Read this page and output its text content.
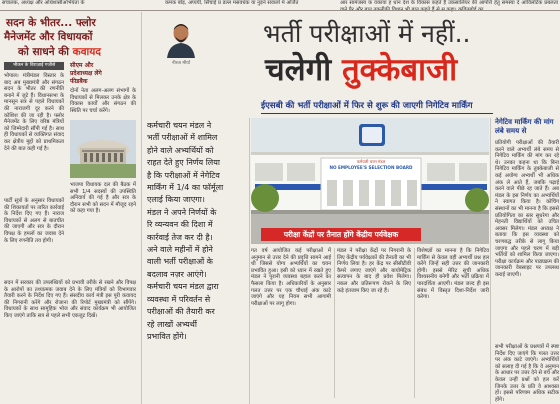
सचालक, अध्यक्ष और अधिशासीअभियंता के	कमक बोड़, अप्ययी, सिंचाई प्र डल्ल मसवर्धक या नुड़ने सवालो में अर्जित	आर सामंजस्य क वकाया ह धान देश के विकास कहते हैं उकसालियर की आपत्ति हेतु समस्या दे आंविलटिक प्रबलता
सदन के भीतर... फ्लोर
मैनेजमेंट और विधायकों
को साधने की कवायद
भीकन के विराज़ाई गजीसे
भोपाल। मंत्रीमंडल विस्तार के बाद अब मुख्यमंत्री और संगठन सदन के भीतर की रणनीति बनाने में जुटे हैं। विधानसभा के मानसून सत्र से पहले विधायकों की नाराजगी दूर करने की कोशिश की जा रही है। फ्लोर मैनेजमेंट के लिए वरिष्ठ मंत्रियों को जिम्मेदारी सौंपी गई है। साथ ही विधायकों से व्यक्तिगत संवाद कर क्षेत्रीय मुद्दों को प्राथमिकता देने की बात कही गई है।
सीएम और
प्रदेशाध्यक्ष लेंगे
फीडबैक
दोनों नेता अलग-अलग संभागों के विधायकों से मिलकर उनके क्षेत्र के विकास कार्यों और संगठन की स्थिति पर चर्चा करेंगे।
पार्टी सूत्रों के अनुसार विधायकों की शिकायतों पर त्वरित कार्रवाई के निर्देश दिए गए हैं। नाराज विधायकों से अलग से बातचीत की जाएगी और सत्र के दौरान विपक्ष के हमलों का जवाब देने के लिए रणनीति तय होगी।
भाजपा विधायक दल की बैठक में सभी 1/4 सदस्यों की उपस्थिति अनिवार्य की गई है और सत्र के दौरान सभी को सदन में मौजूद रहने को कहा गया है।
सदन में सरकार की उपलब्धियों को प्रभावी तरीके से रखने और विपक्ष के आरोपों का तथ्यात्मक जवाब देने के लिए मंत्रियों को विभागवार तैयारी करने के निर्देश दिए गए हैं। संसदीय कार्य मंत्री इस पूरी कवायद की निगरानी करेंगे और रोजाना की रिपोर्ट मुख्यमंत्री को सौंपेंगे। विधायकों के साथ सामूहिक भोज और संवाद कार्यक्रम भी आयोजित किए जाएंगे ताकि सत्र से पहले सभी एकजुट दिखें।
नीरज मौर्या
भर्ती परीक्षाओं में नहीं..
चलेगी तुक्केबाजी
ईएसबी की भर्ती परीक्षाओं में फिर से शुरू की जाएगी निगेटिव मार्किंग
कर्मचारी चयन मंडल ने
भर्ती परीक्षाओं में शामिल
होने वाले अभ्यर्थियों को
राहत देते हुए निर्णय लिया
है कि परीक्षाओं में नेगेटिव
मार्किंग में 1/4 का फॉर्मूला
एलाई किया जाएगा।
मंडल ने अपने निर्णयों के
रि व्यन्यवन की दिशा में
कार्रवाई तेज कर दी है।
अने वाले महीनों में होने
वाली भर्ती परीक्षाओं के
बदलाव नज़र आएंगे।
कर्मचारी चयन मंडल द्वारा
व्यवस्था में परिवर्तन से
परीक्षाओं की तैयारी कर
रहे लाखों अभ्यर्थी
प्रभावित होंगे।
कर्मचारी चयन मंडल
NO EMPLOYEE'S SELECTION BOARD
परीक्षा केंद्रों पर तैनात होंगे केंद्रीय पर्यवेक्षक
गत वर्ष आयोजित कई परीक्षाओं में अनुमान से उत्तर देने की प्रवृत्ति सामने आई थी जिससे योग्य अभ्यर्थियों का चयन प्रभावित हुआ। इसी को ध्यान में रखते हुए मंडल ने पुरानी व्यवस्था बहाल करने का फैसला किया है। अधिकारियों के अनुसार गलत उत्तर पर एक चौथाई अंक काटे जाएंगे और यह नियम सभी आगामी परीक्षाओं पर लागू होगा।
मंडल ने परीक्षा केंद्रों पर निगरानी के लिए केंद्रीय पर्यवेक्षकों की तैनाती का भी निर्णय लिया है। हर केंद्र पर सीसीटीवी कैमरे लगाए जाएंगे और बायोमेट्रिक सत्यापन के बाद ही प्रवेश मिलेगा। नकल और प्रतिरूपण रोकने के लिए कड़े इंतजाम किए जा रहे हैं।
विशेषज्ञों का मानना है कि निगेटिव मार्किंग से केवल वही अभ्यर्थी प्रश्न हल करेंगे जिन्हें सही उत्तर की जानकारी होगी। इससे मेरिट सूची अधिक विश्वसनीय बनेगी और भर्ती प्रक्रिया में पारदर्शिता आएगी। मंडल जल्द ही इस संबंध में विस्तृत दिशा-निर्देश जारी करेगा।
नेगेटिव मार्किंग की मांग
लंबे समय से
प्रतियोगी परीक्षाओं की तैयारी करने वाले अभ्यर्थी लंबे समय से निगेटिव मार्किंग की मांग कर रहे थे। उनका कहना था कि बिना निगेटिव मार्किंग के तुक्केबाजी से कई अयोग्य अभ्यर्थी भी अधिक अंक ले आते हैं, जबकि पढ़ाई करने वाले पीछे रह जाते हैं। अब मंडल के इस निर्णय का अभ्यर्थियों ने स्वागत किया है। कोचिंग संस्थानों का भी मानना है कि इससे प्रतियोगिता का स्तर सुधरेगा और मेहनती विद्यार्थियों को उचित अवसर मिलेगा। मंडल अध्यक्ष ने बताया कि इस व्यवस्था को चरणबद्ध तरीके से लागू किया जाएगा और पहले चरण में बड़ी भर्तियों को शामिल किया जाएगा। परीक्षा कार्यक्रम और पाठ्यक्रम की जानकारी वेबसाइट पर उपलब्ध कराई जाएगी।
सभी परीक्षाओं के प्रश्नपत्रों में स्पष्ट निर्देश दिए जाएंगे कि गलत उत्तर पर अंक काटे जाएंगे। अभ्यर्थियों को सलाह दी गई है कि वे अनुमान के आधार पर उत्तर देने से बचें और केवल उन्हीं प्रश्नों को हल करें जिनके उत्तर के प्रति वे आश्वस्त हों। इससे परिणाम अधिक सटीक होंगे।
